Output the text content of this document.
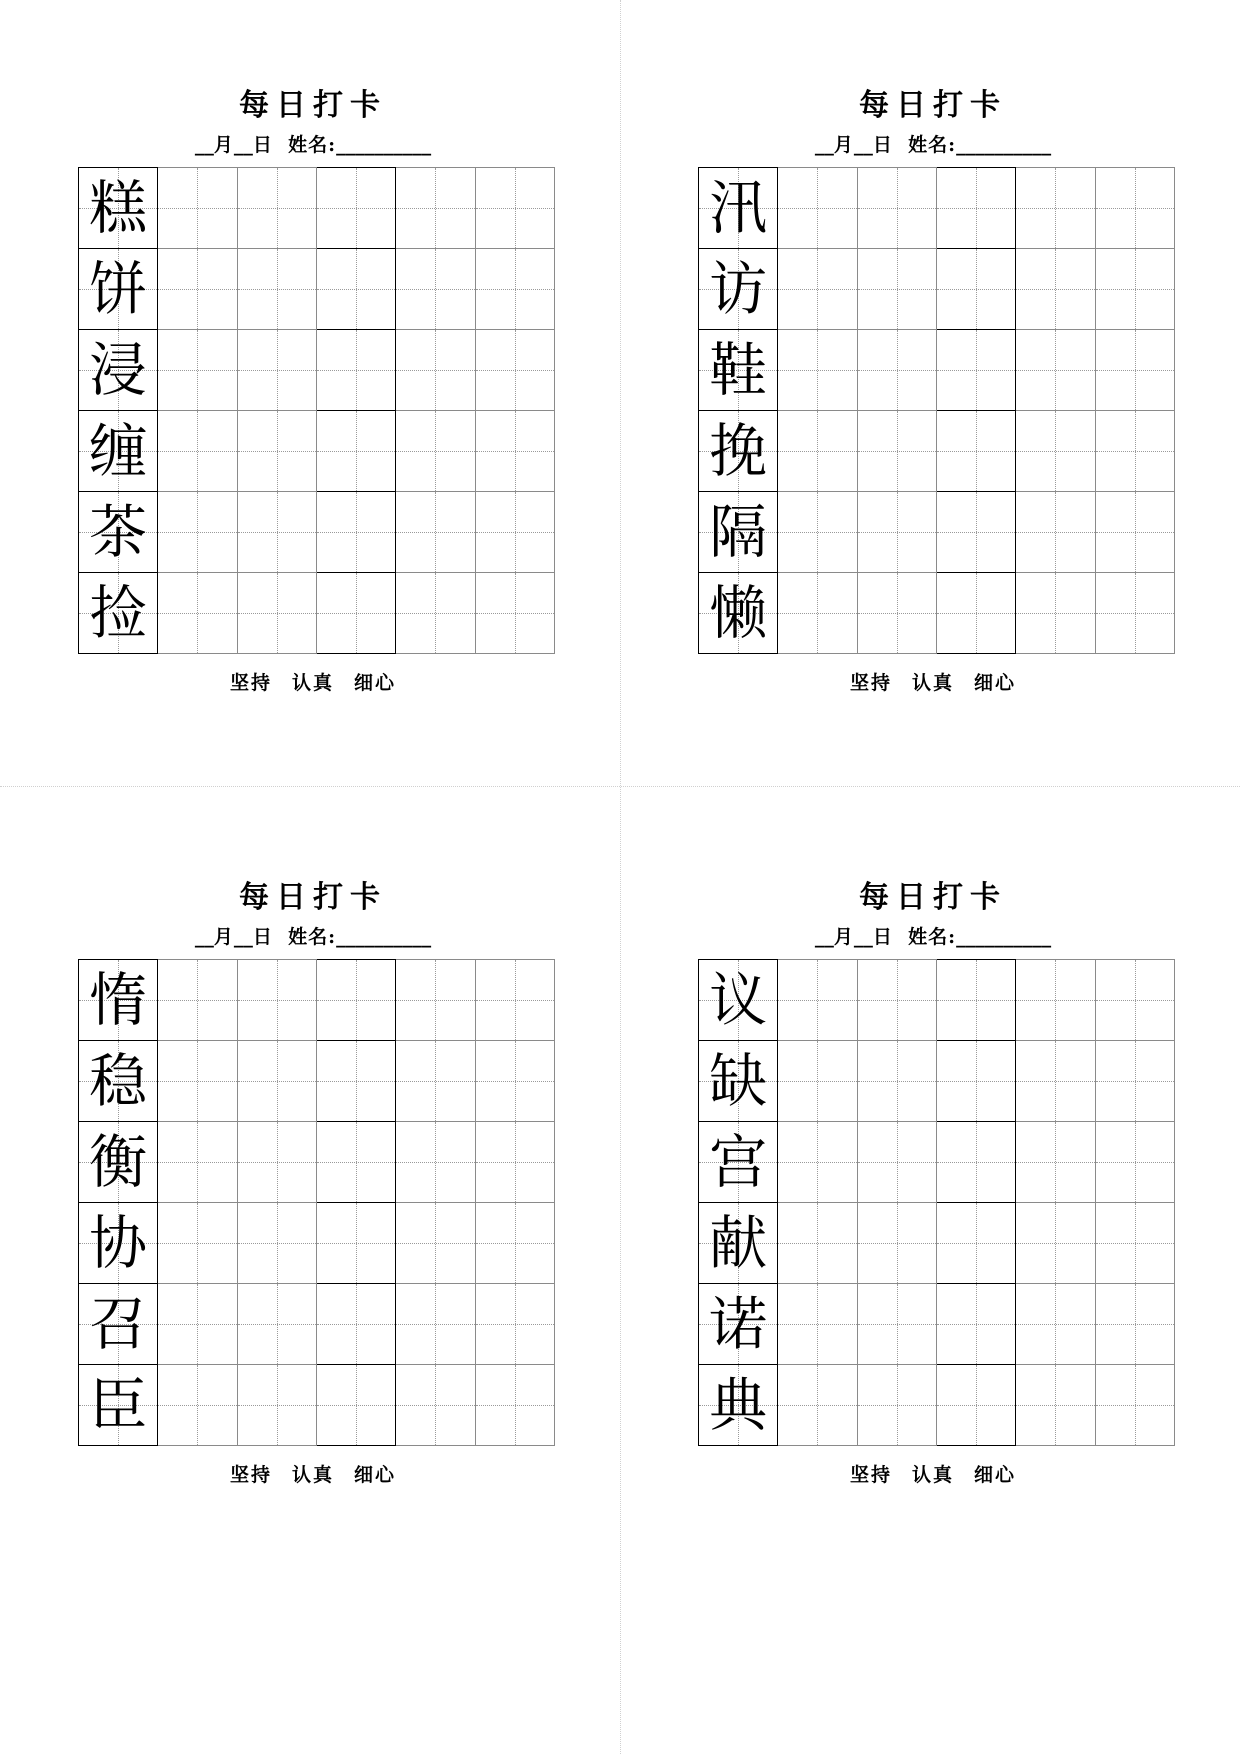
每日打卡
__月__日 姓名:__________
糕					
饼					
浸					
缠					
茶					
捡					
坚持 认真 细心
每日打卡
__月__日 姓名:__________
汛					
访					
鞋					
挽					
隔					
懒					
坚持 认真 细心
每日打卡
__月__日 姓名:__________
惰					
稳					
衡					
协					
召					
臣					
坚持 认真 细心
每日打卡
__月__日 姓名:__________
议					
缺					
宫					
献					
诺					
典					
坚持 认真 细心
